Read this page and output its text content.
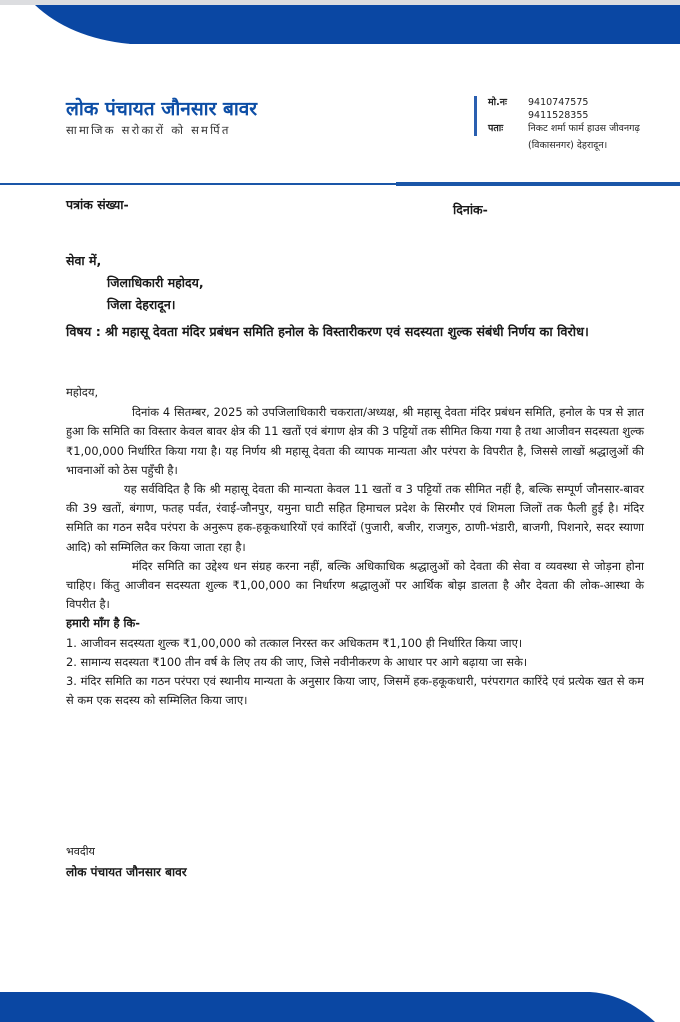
लोक पंचायत जौनसार बावर
सामाजिक सरोकारों को समर्पित
मो.नः 9410747575
9411528355
पताः	निकट शर्मा फार्म हाउस जीवनगढ़
(विकासनगर) देहरादून।
पत्रांक संख्या-	दिनांक-
सेवा में,
जिलाधिकारी महोदय,
जिला देहरादून।
विषय : श्री महासू देवता मंदिर प्रबंधन समिति हनोल के विस्तारीकरण एवं सदस्यता शुल्क संबंधी निर्णय का विरोध।

महोदय,

दिनांक 4 सितम्बर, 2025 को उपजिलाधिकारी चकराता/अध्यक्ष, श्री महासू देवता मंदिर प्रबंधन समिति, हनोल के पत्र से ज्ञात हुआ कि समिति का विस्तार केवल बावर क्षेत्र की 11 खतों एवं बंगाण क्षेत्र की 3 पट्टियों तक सीमित किया गया है तथा आजीवन सदस्यता शुल्क ₹1,00,000 निर्धारित किया गया है। यह निर्णय श्री महासू देवता की व्यापक मान्यता और परंपरा के विपरीत है, जिससे लाखों श्रद्धालुओं की भावनाओं को ठेस पहुँची है।

यह सर्वविदित है कि श्री महासू देवता की मान्यता केवल 11 खतों व 3 पट्टियों तक सीमित नहीं है, बल्कि सम्पूर्ण जौनसार-बावर की 39 खतों, बंगाण, फतह पर्वत, रंवाई-जौनपुर, यमुना घाटी सहित हिमाचल प्रदेश के सिरमौर एवं शिमला जिलों तक फैली हुई है। मंदिर समिति का गठन सदैव परंपरा के अनुरूप हक-हकूकधारियों एवं कारिंदों (पुजारी, बजीर, राजगुरु, ठाणी-भंडारी, बाजगी, पिशनारे, सदर स्याणा आदि) को सम्मिलित कर किया जाता रहा है।

मंदिर समिति का उद्देश्य धन संग्रह करना नहीं, बल्कि अधिकाधिक श्रद्धालुओं को देवता की सेवा व व्यवस्था से जोड़ना होना चाहिए। किंतु आजीवन सदस्यता शुल्क ₹1,00,000 का निर्धारण श्रद्धालुओं पर आर्थिक बोझ डालता है और देवता की लोक-आस्था के विपरीत है।

हमारी माँग है कि-

1. आजीवन सदस्यता शुल्क ₹1,00,000 को तत्काल निरस्त कर अधिकतम ₹1,100 ही निर्धारित किया जाए।

2. सामान्य सदस्यता ₹100 तीन वर्ष के लिए तय की जाए, जिसे नवीनीकरण के आधार पर आगे बढ़ाया जा सके।

3. मंदिर समिति का गठन परंपरा एवं स्थानीय मान्यता के अनुसार किया जाए, जिसमें हक-हकूकधारी, परंपरागत कारिंदे एवं प्रत्येक खत से कम से कम एक सदस्य को सम्मिलित किया जाए।

भवदीय
लोक पंचायत जौनसार बावर
